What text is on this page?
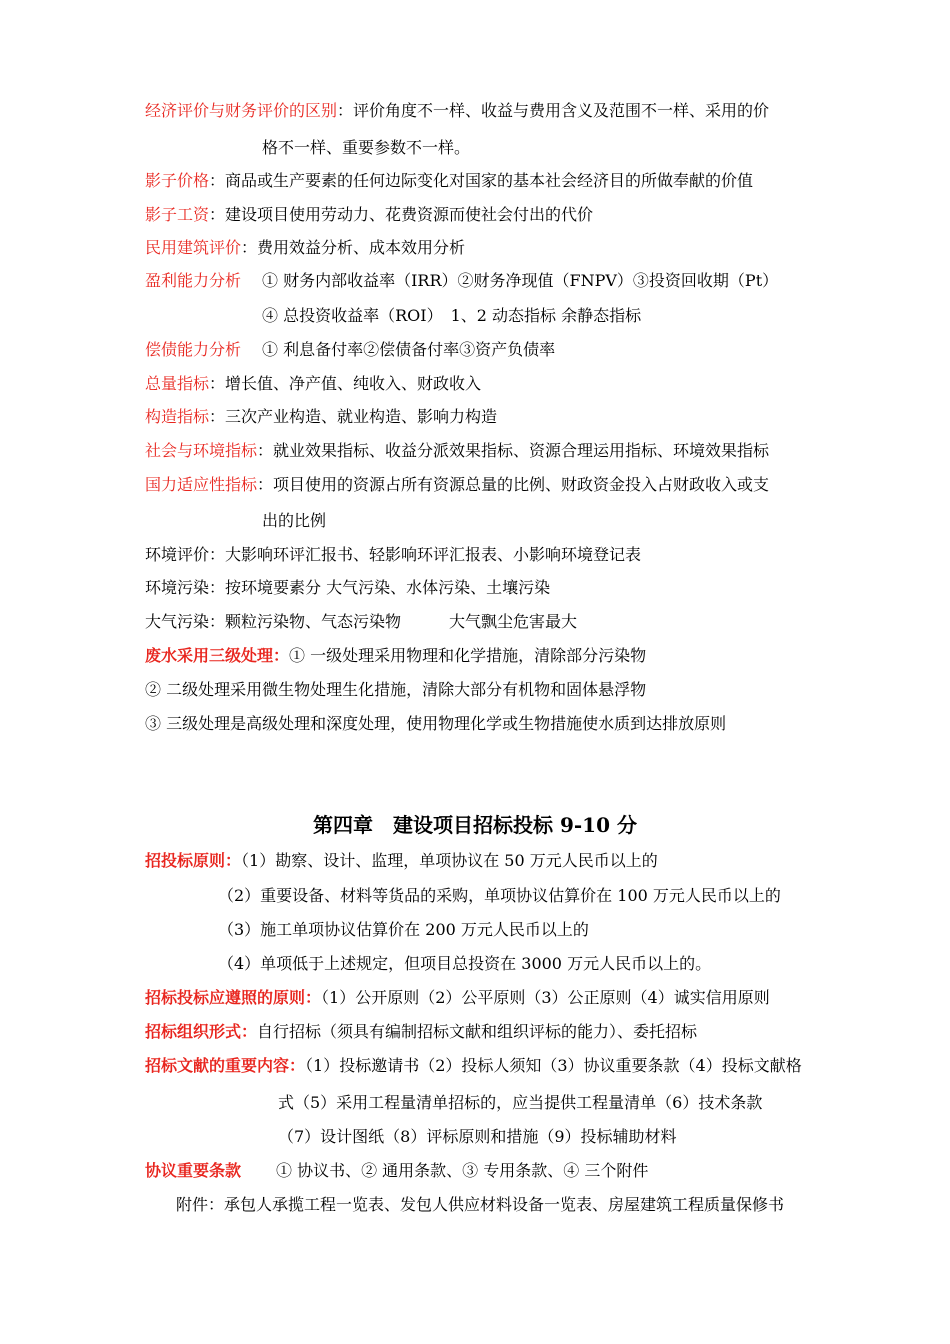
经济评价与财务评价的区别：评价角度不一样、收益与费用含义及范围不一样、采用的价
格不一样、重要参数不一样。
影子价格：商品或生产要素的任何边际变化对国家的基本社会经济目的所做奉献的价值
影子工资：建设项目使用劳动力、花费资源而使社会付出的代价
民用建筑评价：费用效益分析、成本效用分析
盈利能力分析 ① 财务内部收益率（IRR）②财务净现值（FNPV）③投资回收期（Pt）
④ 总投资收益率（ROI）　1、2 动态指标 余静态指标
偿债能力分析 ① 利息备付率②偿债备付率③资产负债率
总量指标：增长值、净产值、纯收入、财政收入
构造指标：三次产业构造、就业构造、影响力构造
社会与环境指标：就业效果指标、收益分派效果指标、资源合理运用指标、环境效果指标
国力适应性指标：项目使用的资源占所有资源总量的比例、财政资金投入占财政收入或支
出的比例
环境评价：大影响环评汇报书、轻影响环评汇报表、小影响环境登记表
环境污染：按环境要素分 大气污染、水体污染、土壤污染
大气污染：颗粒污染物、气态污染物　　　大气飘尘危害最大
废水采用三级处理：① 一级处理采用物理和化学措施，清除部分污染物
② 二级处理采用微生物处理生化措施，清除大部分有机物和固体悬浮物
③ 三级处理是高级处理和深度处理，使用物理化学或生物措施使水质到达排放原则
第四章　建设项目招标投标 9-10 分
招投标原则：（1）勘察、设计、监理，单项协议在 50 万元人民币以上的
（2）重要设备、材料等货品的采购，单项协议估算价在 100 万元人民币以上的
（3）施工单项协议估算价在 200 万元人民币以上的
（4）单项低于上述规定，但项目总投资在 3000 万元人民币以上的。
招标投标应遵照的原则：（1）公开原则（2）公平原则（3）公正原则（4）诚实信用原则
招标组织形式：自行招标（须具有编制招标文献和组织评标的能力）、委托招标
招标文献的重要内容：（1）投标邀请书（2）投标人须知（3）协议重要条款（4）投标文献格
式（5）采用工程量清单招标的，应当提供工程量清单（6）技术条款
（7）设计图纸（8）评标原则和措施（9）投标辅助材料
协议重要条款 ① 协议书、② 通用条款、③ 专用条款、④ 三个附件
附件：承包人承揽工程一览表、发包人供应材料设备一览表、房屋建筑工程质量保修书
